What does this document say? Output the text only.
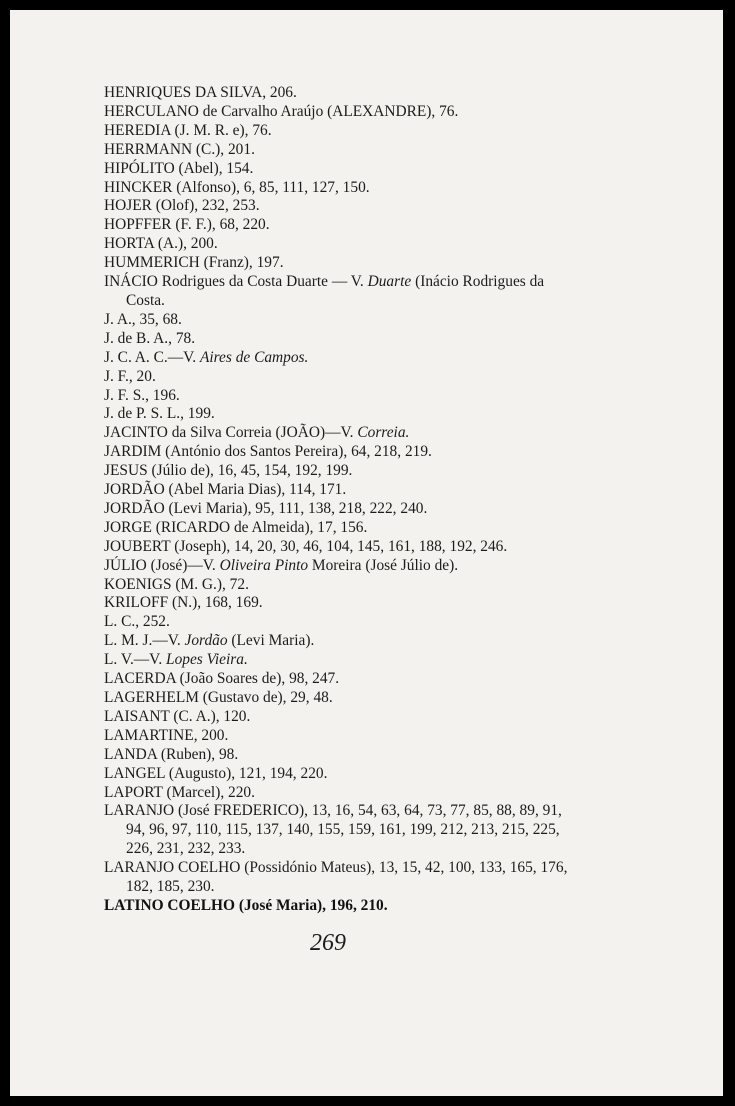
HENRIQUES DA SILVA, 206.
HERCULANO de Carvalho Araújo (ALEXANDRE), 76.
HEREDIA (J. M. R. e), 76.
HERRMANN (C.), 201.
HIPÓLITO (Abel), 154.
HINCKER (Alfonso), 6, 85, 111, 127, 150.
HOJER (Olof), 232, 253.
HOPFFER (F. F.), 68, 220.
HORTA (A.), 200.
HUMMERICH (Franz), 197.
INÁCIO Rodrigues da Costa Duarte — V. Duarte (Inácio Rodrigues da Costa.
J. A., 35, 68.
J. de B. A., 78.
J. C. A. C.—V. Aires de Campos.
J. F., 20.
J. F. S., 196.
J. de P. S. L., 199.
JACINTO da Silva Correia (JOÃO)—V. Correia.
JARDIM (António dos Santos Pereira), 64, 218, 219.
JESUS (Júlio de), 16, 45, 154, 192, 199.
JORDÃO (Abel Maria Dias), 114, 171.
JORDÃO (Levi Maria), 95, 111, 138, 218, 222, 240.
JORGE (RICARDO de Almeida), 17, 156.
JOUBERT (Joseph), 14, 20, 30, 46, 104, 145, 161, 188, 192, 246.
JÚLIO (José)—V. Oliveira Pinto Moreira (José Júlio de).
KOENIGS (M. G.), 72.
KRILOFF (N.), 168, 169.
L. C., 252.
L. M. J.—V. Jordão (Levi Maria).
L. V.—V. Lopes Vieira.
LACERDA (João Soares de), 98, 247.
LAGERHELM (Gustavo de), 29, 48.
LAISANT (C. A.), 120.
LAMARTINE, 200.
LANDA (Ruben), 98.
LANGEL (Augusto), 121, 194, 220.
LAPORT (Marcel), 220.
LARANJO (José FREDERICO), 13, 16, 54, 63, 64, 73, 77, 85, 88, 89, 91, 94, 96, 97, 110, 115, 137, 140, 155, 159, 161, 199, 212, 213, 215, 225, 226, 231, 232, 233.
LARANJO COELHO (Possidónio Mateus), 13, 15, 42, 100, 133, 165, 176, 182, 185, 230.
LATINO COELHO (José Maria), 196, 210.
269
